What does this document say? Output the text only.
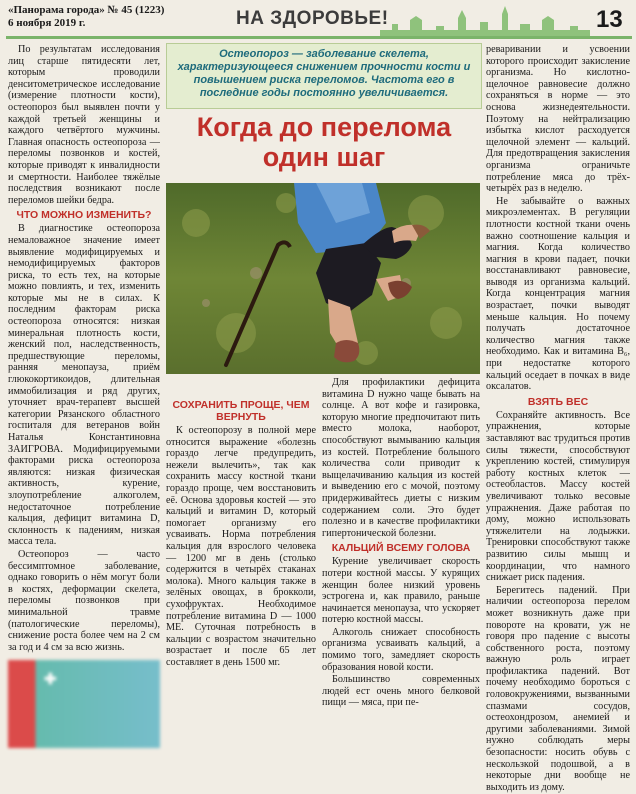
«Панорама города» № 45 (1223)
6 ноября 2019 г.	НА ЗДОРОВЬЕ!	13
Остеопороз — заболевание скелета, характеризующееся снижением прочности кости и повышением риска переломов. Частота его в последние годы постоянно увеличивается.
Когда до перелома
один шаг

По результатам исследования лиц старше пятидесяти лет, которым проводили денситометрическое исследование (измерение плотности кости), остеопороз был выявлен почти у каждой третьей женщины и каждого четвёртого мужчины. Главная опасность остеопороза — переломы позвонков и костей, которые приводят к инвалидности и смертности. Наиболее тяжёлые последствия возникают после переломов шейки бедра.

ЧТО МОЖНО ИЗМЕНИТЬ?

В диагностике остеопороза немаловажное значение имеет выявление модифицируемых и немодифицируемых факторов риска, то есть тех, на которые можно повлиять, и тех, изменить которые мы не в силах. К последним факторам риска остеопороза относятся: низкая минеральная плотность кости, женский пол, наследственность, предшествующие переломы, ранняя менопауза, приём глюкокортикоидов, длительная иммобилизация и ряд других, уточняет врач-терапевт высшей категории Рязанского областного госпиталя для ветеранов войн Наталья Константиновна ЗАИГРОВА. Модифицируемыми факторами риска остеопороза являются: низкая физическая активность, курение, злоупотребление алкоголем, недостаточное потребление кальция, дефицит витамина D, склонность к падениям, низкая масса тела.

Остеопороз — часто бессимптомное заболевание, однако говорить о нём могут боли в костях, деформации скелета, переломы позвонков при минимальной травме (патологические переломы), снижение роста более чем на 2 см за год и 4 см за всю жизнь.

✚
СОХРАНИТЬ ПРОЩЕ, ЧЕМ ВЕРНУТЬ

К остеопорозу в полной мере относится выражение «болезнь гораздо легче предупредить, нежели вылечить», так как сохранить массу костной ткани гораздо проще, чем восстановить её. Основа здоровья костей — это кальций и витамин D, который помогает организму его усваивать. Норма потребления кальция для взрослого человека — 1200 мг в день (столько содержится в четырёх стаканах молока). Много кальция также в зелёных овощах, в брокколи, сухофруктах. Необходимое потребление витамина D — 1000 МЕ. Суточная потребность в кальции с возрастом значительно возрастает и после 65 лет составляет в день 1500 мг.

Для профилактики дефицита витамина D нужно чаще бывать на солнце. А вот кофе и газировка, которую многие предпочитают пить вместо молока, наоборот, способствуют вымыванию кальция из костей. Потребление большого количества соли приводит к выщелачиванию кальция из костей и выведению его с мочой, поэтому придерживайтесь диеты с низким содержанием соли. Это будет полезно и в качестве профилактики гипертонической болезни.

КАЛЬЦИЙ ВСЕМУ ГОЛОВА

Курение увеличивает скорость потери костной массы. У курящих женщин более низкий уровень эстрогена и, как правило, раньше начинается менопауза, что ускоряет потерю костной массы.

Алкоголь снижает способность организма усваивать кальций, а помимо того, замедляет скорость образования новой кости.

Большинство современных людей ест очень много белковой пищи — мяса, при пе-

реваривании и усвоении которого происходит закисление организма. Но кислотно-щелочное равновесие должно сохраняться в норме — это основа жизнедеятельности. Поэтому на нейтрализацию избытка кислот расходуется щелочной элемент — кальций. Для предотвращения закисления организма ограничьте потребление мяса до трёх-четырёх раз в неделю.

Не забывайте о важных микроэлементах. В регуляции плотности костной ткани очень важно соотношение кальция и магния. Когда количество магния в крови падает, почки восстанавливают равновесие, выводя из организма кальций. Когда концентрация магния возрастает, почки выводят меньше кальция. Но почему получать достаточное количество магния также необходимо. Как и витамина B₆, при недостатке которого кальций оседает в почках в виде оксалатов.

ВЗЯТЬ ВЕС

Сохраняйте активность. Все упражнения, которые заставляют вас трудиться против силы тяжести, способствуют укреплению костей, стимулируя работу костных клеток — остеобластов. Массу костей увеличивают только весовые упражнения. Даже работая по дому, можно использовать утяжелители на лодыжки. Тренировки способствуют также развитию силы мышц и координации, что намного снижает риск падения.

Берегитесь падений. При наличии остеопороза перелом может возникнуть даже при повороте на кровати, уж не говоря про падение с высоты собственного роста, поэтому важную роль играет профилактика падений. Вот почему необходимо бороться с головокружениями, вызванными спазмами сосудов, остеохондрозом, анемией и другими заболеваниями. Зимой нужно соблюдать меры безопасности: носить обувь с нескользкой подошвой, а в некоторые дни вообще не выходить из дому.
